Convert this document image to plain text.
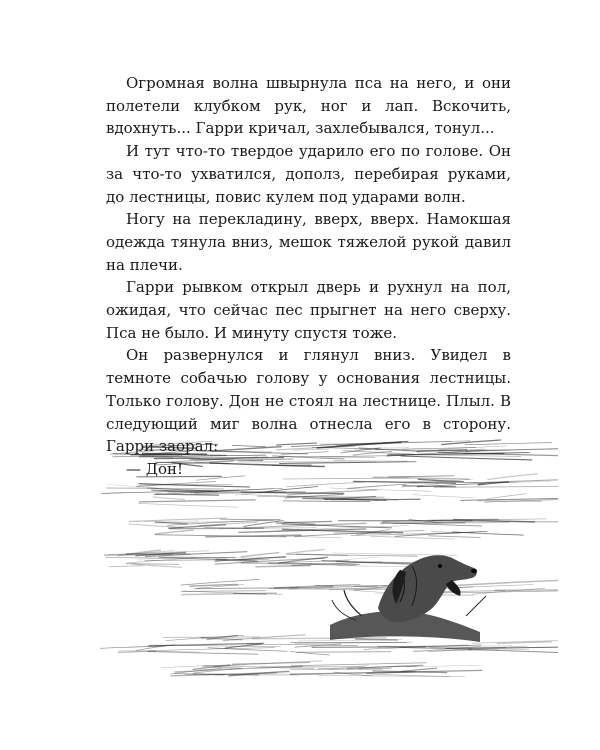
Огромная волна швырнула пса на него, и они полетели клубком рук, ног и лап. Вскочить, вдохнуть... Гарри кричал, захлебывался, тонул...

И тут что-то твердое ударило его по голове. Он за что-то ухватился, дополз, перебирая руками, до лестницы, повис кулем под ударами волн.

Ногу на перекладину, вверх, вверх. Намокшая одежда тянула вниз, мешок тяжелой рукой давил на плечи.

Гарри рывком открыл дверь и рухнул на пол, ожидая, что сейчас пес прыгнет на него сверху. Пса не было. И минуту спустя тоже.

Он развернулся и глянул вниз. Увидел в темноте собачью голову у основания лестницы. Только голову. Дон не стоял на лестнице. Плыл. В следующий миг волна отнесла его в сторону. Гарри заорал:

— Дон!
